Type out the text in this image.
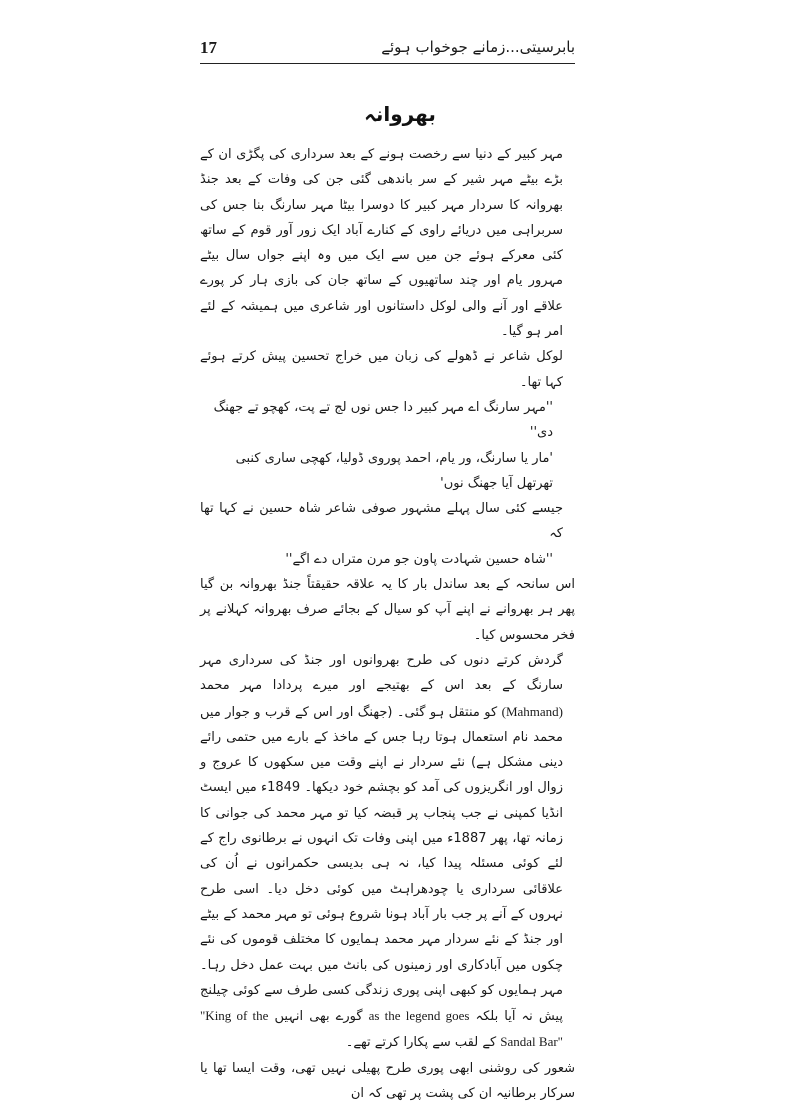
17	بابرسیتی...زمانے جوخواب ہوئے
بھروانہ

مہر کبیر کے دنیا سے رخصت ہونے کے بعد سرداری کی پگڑی ان کے بڑے بیٹے مہر شیر کے سر باندھی گئی جن کی وفات کے بعد جنڈ بھروانہ کا سردار مہر کبیر کا دوسرا بیٹا مہر سارنگ بنا جس کی سربراہی میں دریائے راوی کے کنارے آباد ایک زور آور قوم کے ساتھ کئی معرکے ہوئے جن میں سے ایک میں وہ اپنے جواں سال بیٹے مہرور یام اور چند ساتھیوں کے ساتھ جان کی بازی ہار کر پورے علاقے اور آنے والی لوکل داستانوں اور شاعری میں ہمیشہ کے لئے امر ہو گیا۔

لوکل شاعر نے ڈھولے کی زبان میں خراج تحسین پیش کرتے ہوئے کہا تھا۔

''مہر سارنگ اے مہر کبیر دا جس نوں لج تے پت، کھچو تے جھنگ دی''

'مار یا سارنگ، ور یام، احمد پوروی ڈولیا، کھچی ساری کنبی تھرتھل آیا جھنگ نوں'

جیسے کئی سال پہلے مشہور صوفی شاعر شاہ حسین نے کہا تھا کہ

''شاہ حسین شہادت پاون جو مرن متراں دے اگے''

اس سانحہ کے بعد ساندل بار کا یہ علاقہ حقیقتاً جنڈ بھروانہ بن گیا پھر ہر بھروانے نے اپنے آپ کو سیال کے بجائے صرف بھروانہ کہلانے پر فخر محسوس کیا۔

گردش کرتے دنوں کی طرح بھروانوں اور جنڈ کی سرداری مہر سارنگ کے بعد اس کے بھتیجے اور میرے پردادا مہر محمد (Mahmand) کو منتقل ہو گئی۔ (جھنگ اور اس کے قرب و جوار میں محمد نام استعمال ہوتا رہا جس کے ماخذ کے بارے میں حتمی رائے دینی مشکل ہے) نئے سردار نے اپنے وقت میں سکھوں کا عروج و زوال اور انگریزوں کی آمد کو بچشم خود دیکھا۔ 1849ء میں ایسٹ انڈیا کمپنی نے جب پنجاب پر قبضہ کیا تو مہر محمد کی جوانی کا زمانہ تھا، پھر 1887ء میں اپنی وفات تک انہوں نے برطانوی راج کے لئے کوئی مسئلہ پیدا کیا، نہ ہی بدیسی حکمرانوں نے اُن کی علاقائی سرداری یا چودھراہٹ میں کوئی دخل دیا۔ اسی طرح نہروں کے آنے پر جب بار آباد ہونا شروع ہوئی تو مہر محمد کے بیٹے اور جنڈ کے نئے سردار مہر محمد ہمایوں کا مختلف قوموں کی نئے چکوں میں آبادکاری اور زمینوں کی بانٹ میں بہت عمل دخل رہا۔ مہر ہمایوں کو کبھی اپنی پوری زندگی کسی طرف سے کوئی چیلنج پیش نہ آیا بلکہ as the legend goes گورے بھی انہیں "King of the Sandal Bar" کے لقب سے پکارا کرتے تھے۔

شعور کی روشنی ابھی پوری طرح پھیلی نہیں تھی، وقت ایسا تھا یا سرکار برطانیہ ان کی پشت پر تھی کہ ان
